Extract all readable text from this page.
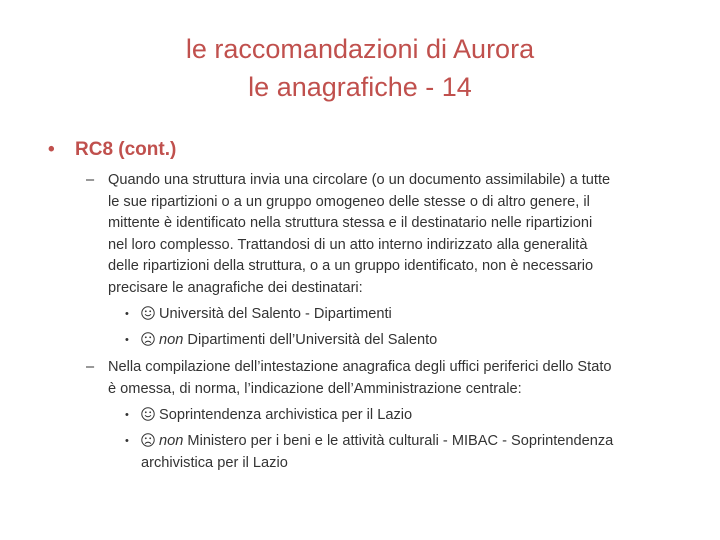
le raccomandazioni di Aurora
le anagrafiche - 14
• RC8 (cont.)
– Quando una struttura invia una circolare (o un documento assimilabile) a tutte
le sue ripartizioni o a un gruppo omogeneo delle stesse o di altro genere, il
mittente è identificato nella struttura stessa e il destinatario nelle ripartizioni
nel loro complesso. Trattandosi di un atto interno indirizzato alla generalità
delle ripartizioni della struttura, o a un gruppo identificato, non è necessario
precisare le anagrafiche dei destinatari:
•	Università del Salento - Dipartimenti
•	non Dipartimenti dell’Università del Salento
– Nella compilazione dell’intestazione anagrafica degli uffici periferici dello Stato
è omessa, di norma, l’indicazione dell’Amministrazione centrale:
•	Soprintendenza archivistica per il Lazio
•	non Ministero per i beni e le attività culturali - MIBAC - Soprintendenza
archivistica per il Lazio
